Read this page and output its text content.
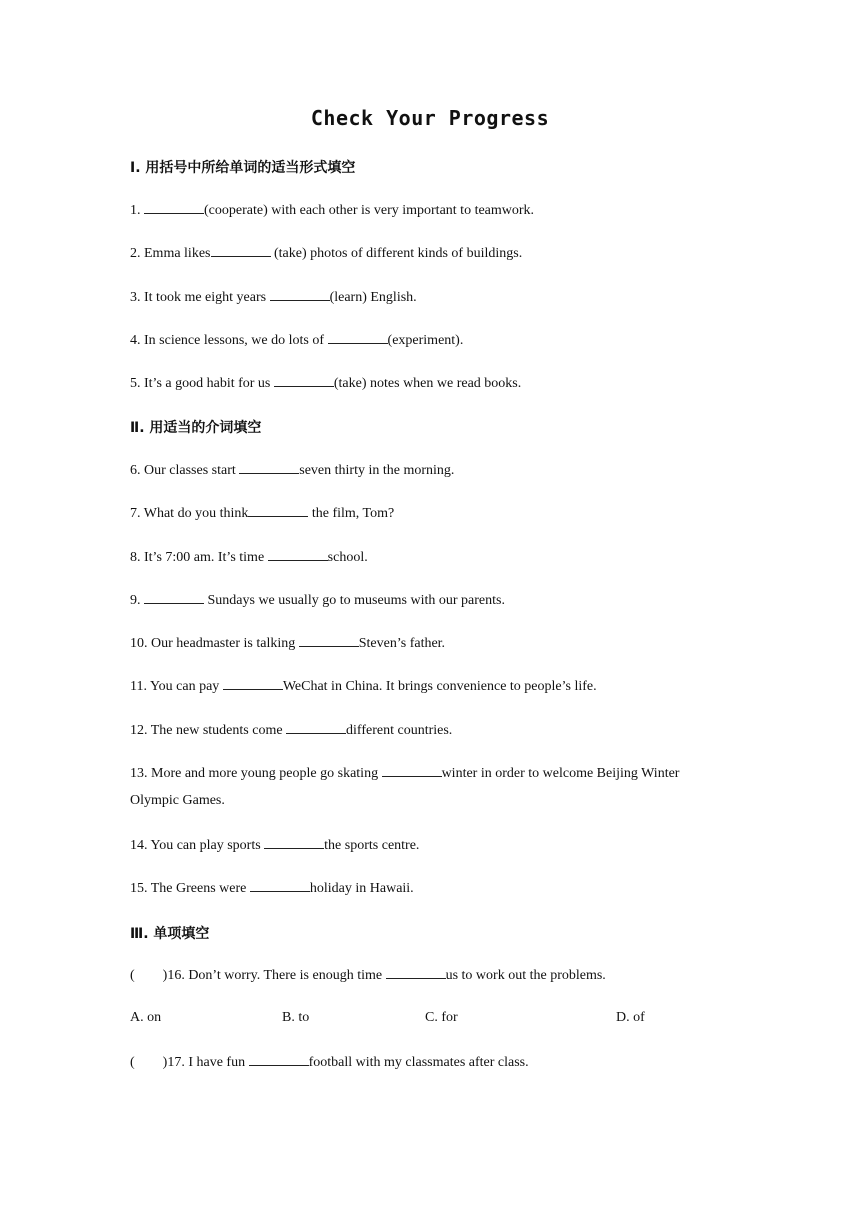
Check Your Progress
Ⅰ. 用括号中所给单词的适当形式填空
1.	(cooperate) with each other is very important to teamwork.
2. Emma likes	(take) photos of different kinds of buildings.
3. It took me eight years	(learn) English.
4. In science lessons, we do lots of	(experiment).
5. It’s a good habit for us	(take) notes when we read books.
Ⅱ. 用适当的介词填空
6. Our classes start	seven thirty in the morning.
7. What do you think	the film, Tom?
8. It’s 7:00 am. It’s time	school.
9.	Sundays we usually go to museums with our parents.
10. Our headmaster is talking	Steven’s father.
11. You can pay	WeChat in China. It brings convenience to people’s life.
12. The new students come	different countries.
13. More and more young people go skating	winter in order to welcome Beijing Winter
Olympic Games.
14. You can play sports	the sports centre.
15. The Greens were	holiday in Hawaii.
Ⅲ. 单项填空
(        )16. Don’t worry. There is enough time	us to work out the problems.
A. on	B. to	C. for	D. of
(        )17. I have fun	football with my classmates after class.
